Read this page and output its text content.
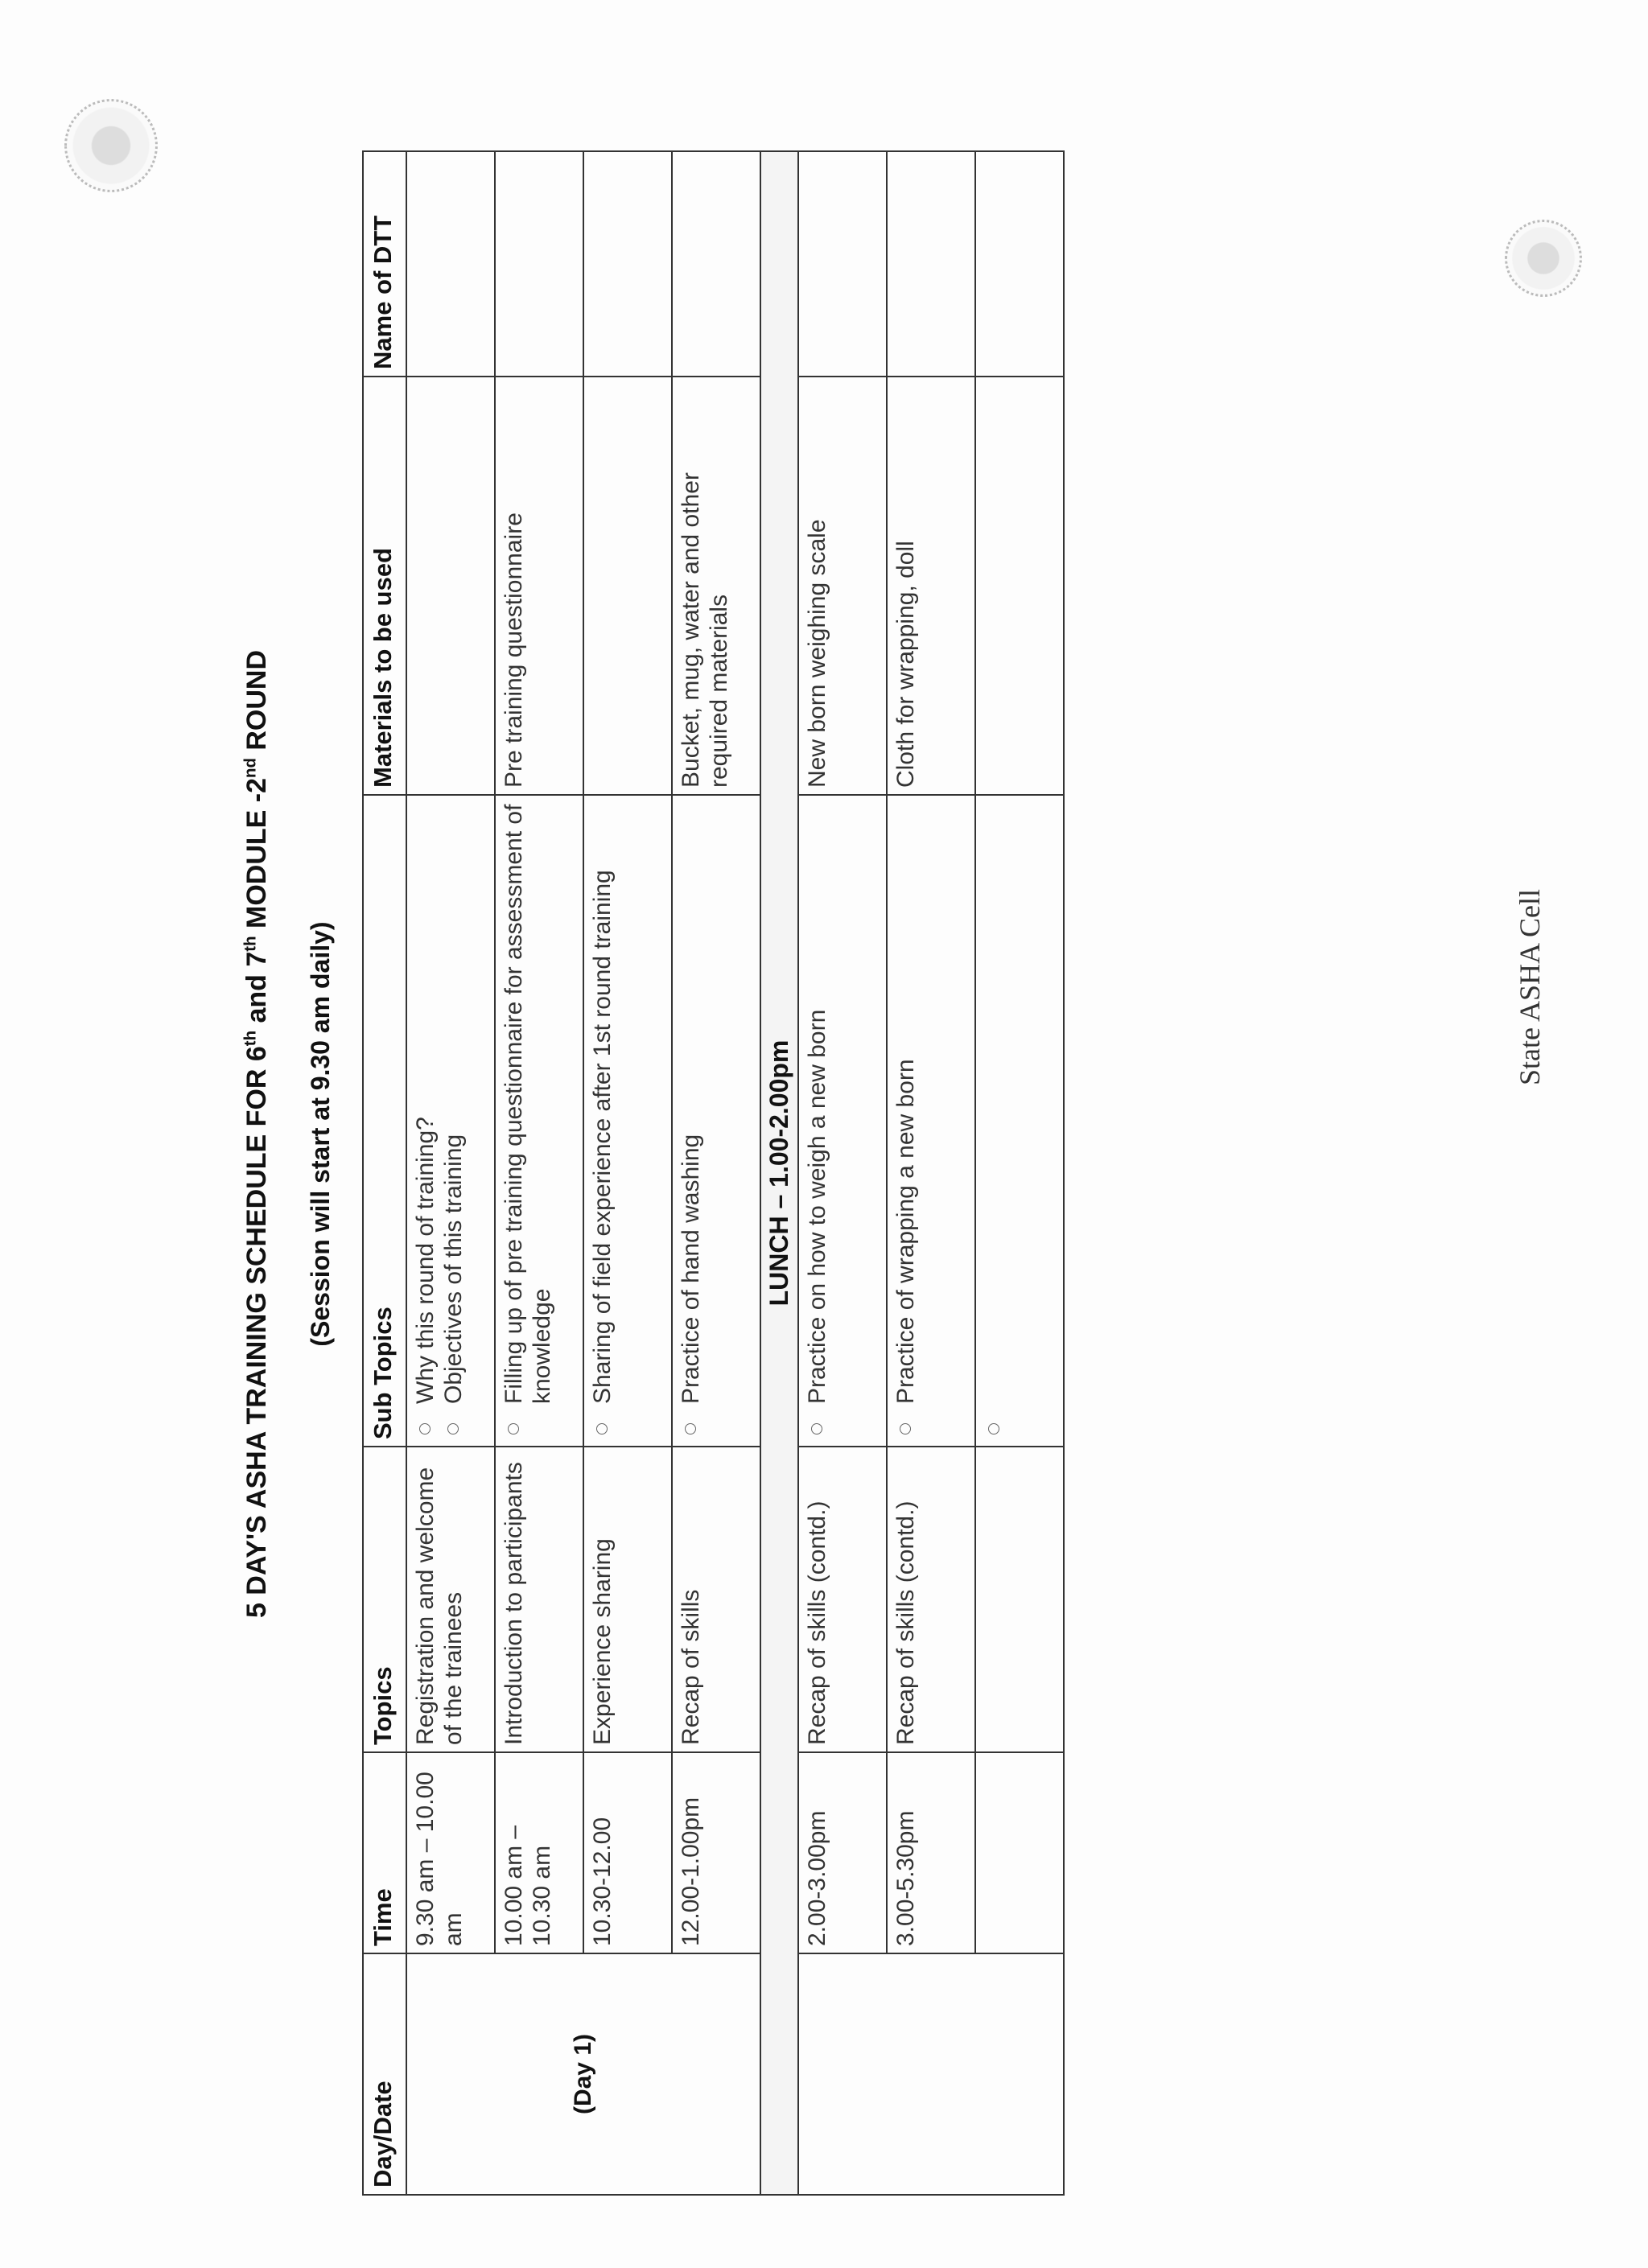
5 DAY'S ASHA TRAINING SCHEDULE FOR 6th and 7th MODULE -2nd ROUND
(Session will start at 9.30 am daily)
Day/Date	Time	Topics	Sub Topics	Materials to be used	Name of DTT
(Day 1)	9.30 am – 10.00 am	Registration and welcome of the trainees	Why this round of training? Objectives of this training		

	10.00 am – 10.30 am	Introduction to participants	Filling up of pre training questionnaire for assessment of knowledge	Pre training questionnaire	
	10.30-12.00	Experience sharing	Sharing of field experience after 1st round training		

	12.00-1.00pm	Recap of skills	Practice of hand washing	Bucket, mug, water and other required materials	
LUNCH – 1.00-2.00pm					
	2.00-3.00pm	Recap of skills (contd.)	Practice on how to weigh a new born	New born weighing scale	
	3.00-5.30pm	Recap of skills (contd.)	Practice of wrapping a new born	Cloth for wrapping, doll	

State ASHA Cell
